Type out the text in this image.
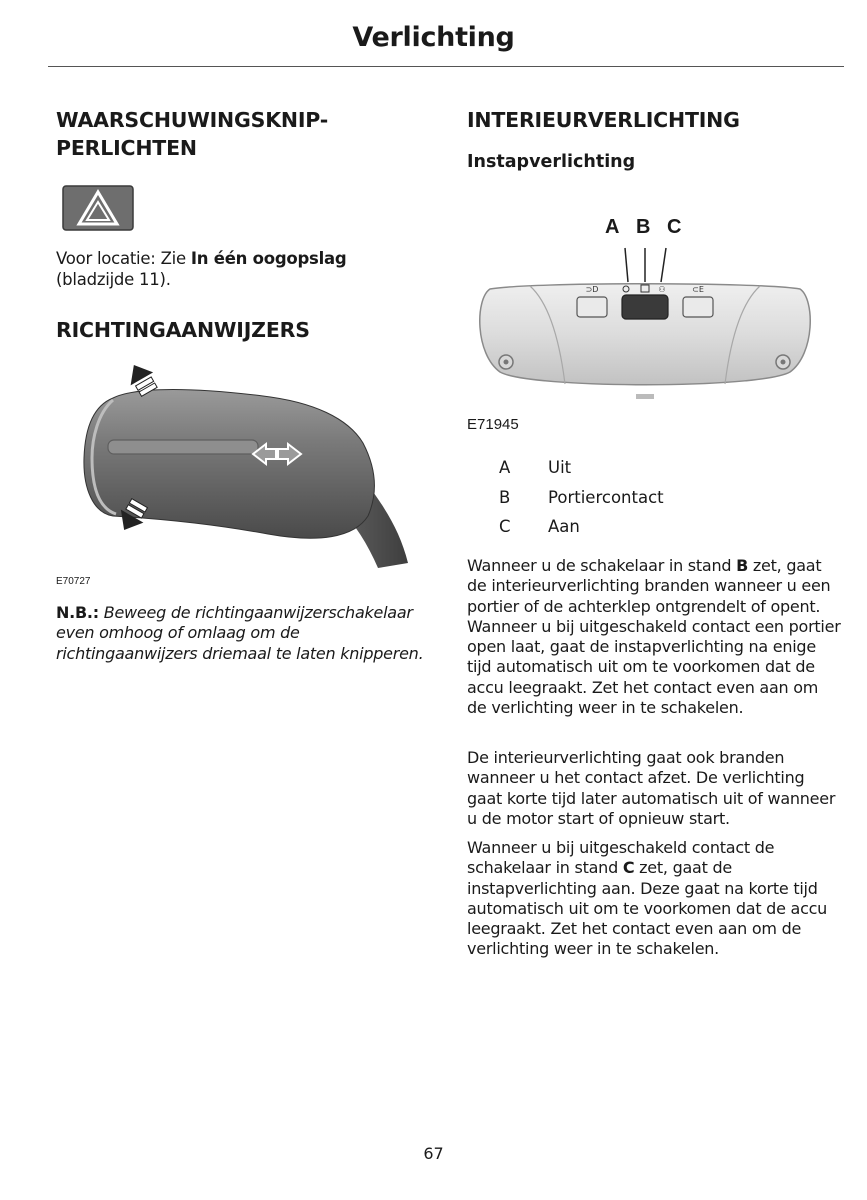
Verlichting
WAARSCHUWINGSKNIP-
PERLICHTEN
Voor locatie: Zie In één oogopslag
(bladzijde 11).
RICHTINGAANWIJZERS
E70727
N.B.: Beweeg de richtingaanwijzerschakelaar even omhoog of omlaag om de richtingaanwijzers driemaal te laten knipperen.
INTERIEURVERLICHTING
Instapverlichting
A B C
⊃D	⚇	⊂E
E71945
A Uit
B Portiercontact
C Aan

Wanneer u de schakelaar in stand B zet, gaat de interieurverlichting branden wanneer u een portier of de achterklep ontgrendelt of opent. Wanneer u bij uitgeschakeld contact een portier open laat, gaat de instapverlichting na enige tijd automatisch uit om te voorkomen dat de accu leegraakt. Zet het contact even aan om de verlichting weer in te schakelen.

De interieurverlichting gaat ook branden wanneer u het contact afzet. De verlichting gaat korte tijd later automatisch uit of wanneer u de motor start of opnieuw start.

Wanneer u bij uitgeschakeld contact de schakelaar in stand C zet, gaat de instapverlichting aan. Deze gaat na korte tijd automatisch uit om te voorkomen dat de accu leegraakt. Zet het contact even aan om de verlichting weer in te schakelen.

67
